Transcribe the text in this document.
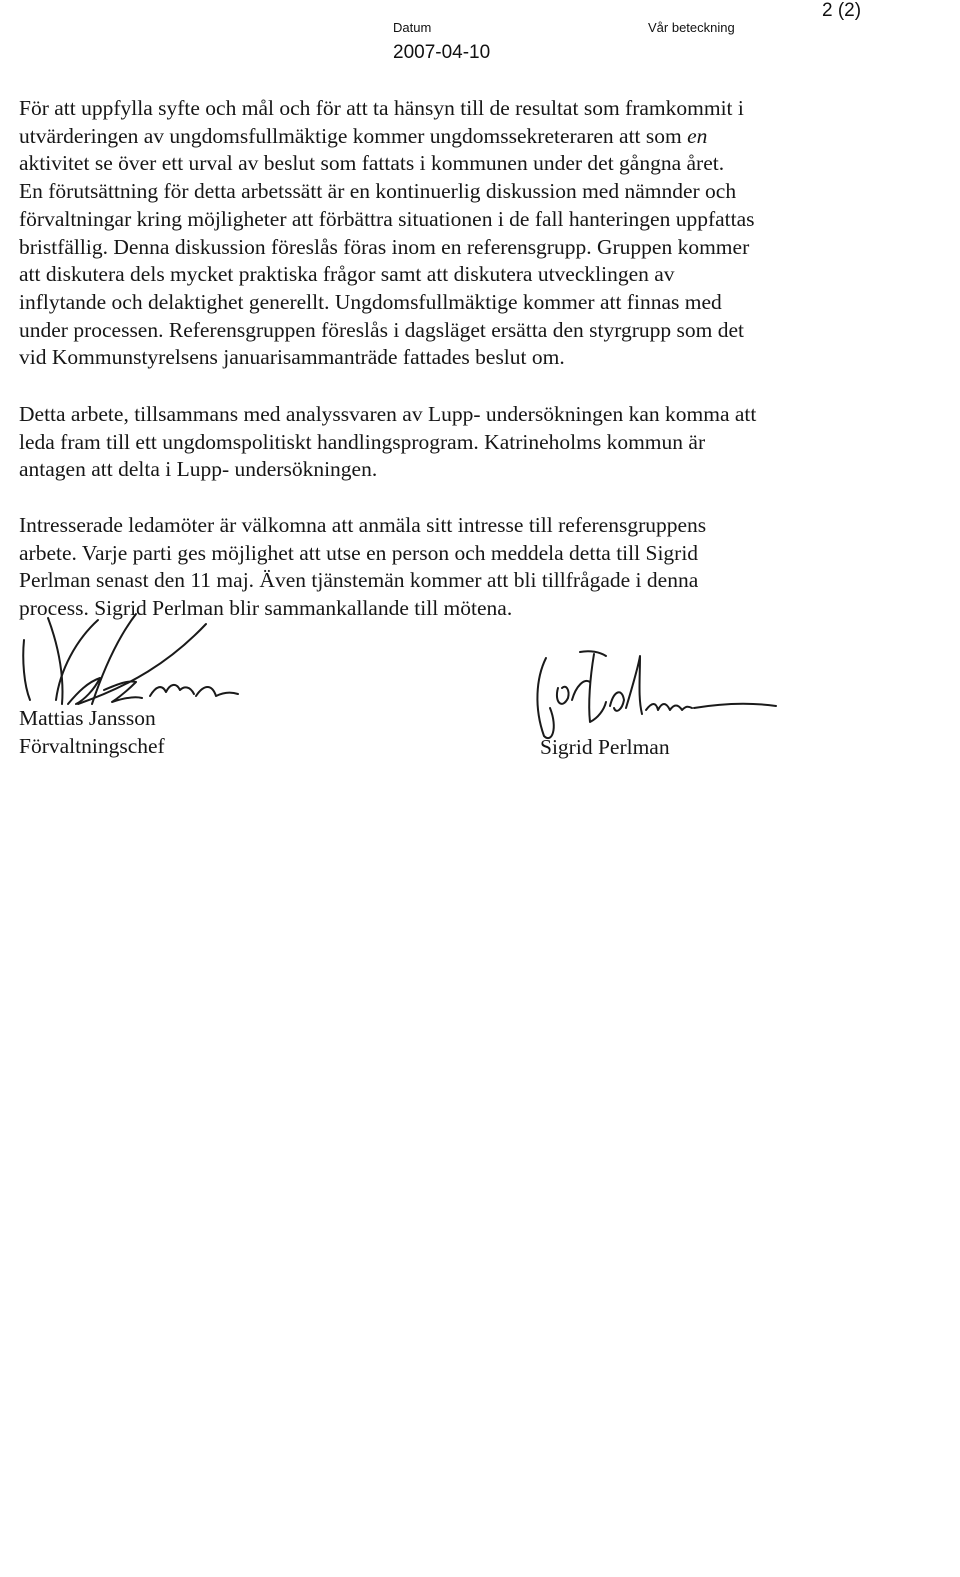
Datum	Vår beteckning
2 (2)
2007-04-10
För att uppfylla syfte och mål och för att ta hänsyn till de resultat som framkommit i
utvärderingen av ungdomsfullmäktige kommer ungdomssekreteraren att som en
aktivitet se över ett urval av beslut som fattats i kommunen under det gångna året.
En förutsättning för detta arbetssätt är en kontinuerlig diskussion med nämnder och
förvaltningar kring möjligheter att förbättra situationen i de fall hanteringen uppfattas
bristfällig. Denna diskussion föreslås föras inom en referensgrupp. Gruppen kommer
att diskutera dels mycket praktiska frågor samt att diskutera utvecklingen av
inflytande och delaktighet generellt. Ungdomsfullmäktige kommer att finnas med
under processen. Referensgruppen föreslås i dagsläget ersätta den styrgrupp som det
vid Kommunstyrelsens januarisammanträde fattades beslut om.
Detta arbete, tillsammans med analyssvaren av Lupp- undersökningen kan komma att
leda fram till ett ungdomspolitiskt handlingsprogram. Katrineholms kommun är
antagen att delta i Lupp- undersökningen.
Intresserade ledamöter är välkomna att anmäla sitt intresse till referensgruppens
arbete. Varje parti ges möjlighet att utse en person och meddela detta till Sigrid
Perlman senast den 11 maj. Även tjänstemän kommer att bli tillfrågade i denna
process. Sigrid Perlman blir sammankallande till mötena.
Mattias Jansson
Förvaltningschef	Sigrid Perlman
